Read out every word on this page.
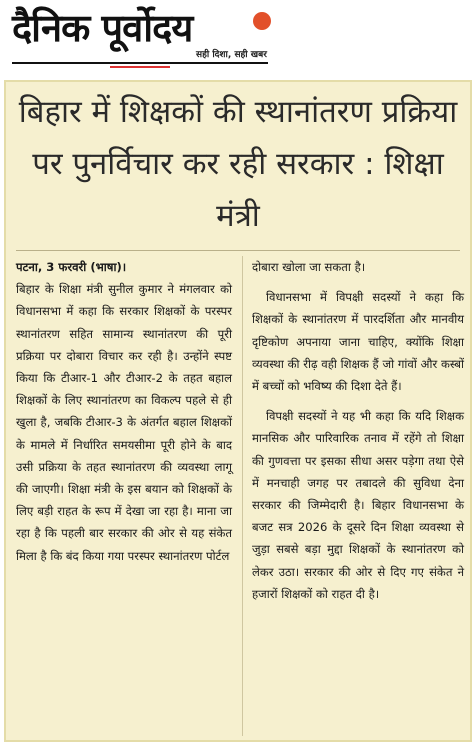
दैनिक पूर्वोदय
सही दिशा, सही खबर
बिहार में शिक्षकों की स्थानांतरण प्रक्रिया पर पुनर्विचार कर रही सरकार : शिक्षा मंत्री

पटना, 3 फरवरी (भाषा)।

बिहार के शिक्षा मंत्री सुनील कुमार ने मंगलवार को विधानसभा में कहा कि सरकार शिक्षकों के परस्पर स्थानांतरण सहित सामान्य स्थानांतरण की पूरी प्रक्रिया पर दोबारा विचार कर रही है। उन्होंने स्पष्ट किया कि टीआर-1 और टीआर-2 के तहत बहाल शिक्षकों के लिए स्थानांतरण का विकल्प पहले से ही खुला है, जबकि टीआर-3 के अंतर्गत बहाल शिक्षकों के मामले में निर्धारित समयसीमा पूरी होने के बाद उसी प्रक्रिया के तहत स्थानांतरण की व्यवस्था लागू की जाएगी। शिक्षा मंत्री के इस बयान को शिक्षकों के लिए बड़ी राहत के रूप में देखा जा रहा है। माना जा रहा है कि पहली बार सरकार की ओर से यह संकेत मिला है कि बंद किया गया परस्पर स्थानांतरण पोर्टल

दोबारा खोला जा सकता है।

विधानसभा में विपक्षी सदस्यों ने कहा कि शिक्षकों के स्थानांतरण में पारदर्शिता और मानवीय दृष्टिकोण अपनाया जाना चाहिए, क्योंकि शिक्षा व्यवस्था की रीढ़ वही शिक्षक हैं जो गांवों और कस्बों में बच्चों को भविष्य की दिशा देते हैं।

विपक्षी सदस्यों ने यह भी कहा कि यदि शिक्षक मानसिक और पारिवारिक तनाव में रहेंगे तो शिक्षा की गुणवत्ता पर इसका सीधा असर पड़ेगा तथा ऐसे में मनचाही जगह पर तबादले की सुविधा देना सरकार की जिम्मेदारी है। बिहार विधानसभा के बजट सत्र 2026 के दूसरे दिन शिक्षा व्यवस्था से जुड़ा सबसे बड़ा मुद्दा शिक्षकों के स्थानांतरण को लेकर उठा। सरकार की ओर से दिए गए संकेत ने हजारों शिक्षकों को राहत दी है।
